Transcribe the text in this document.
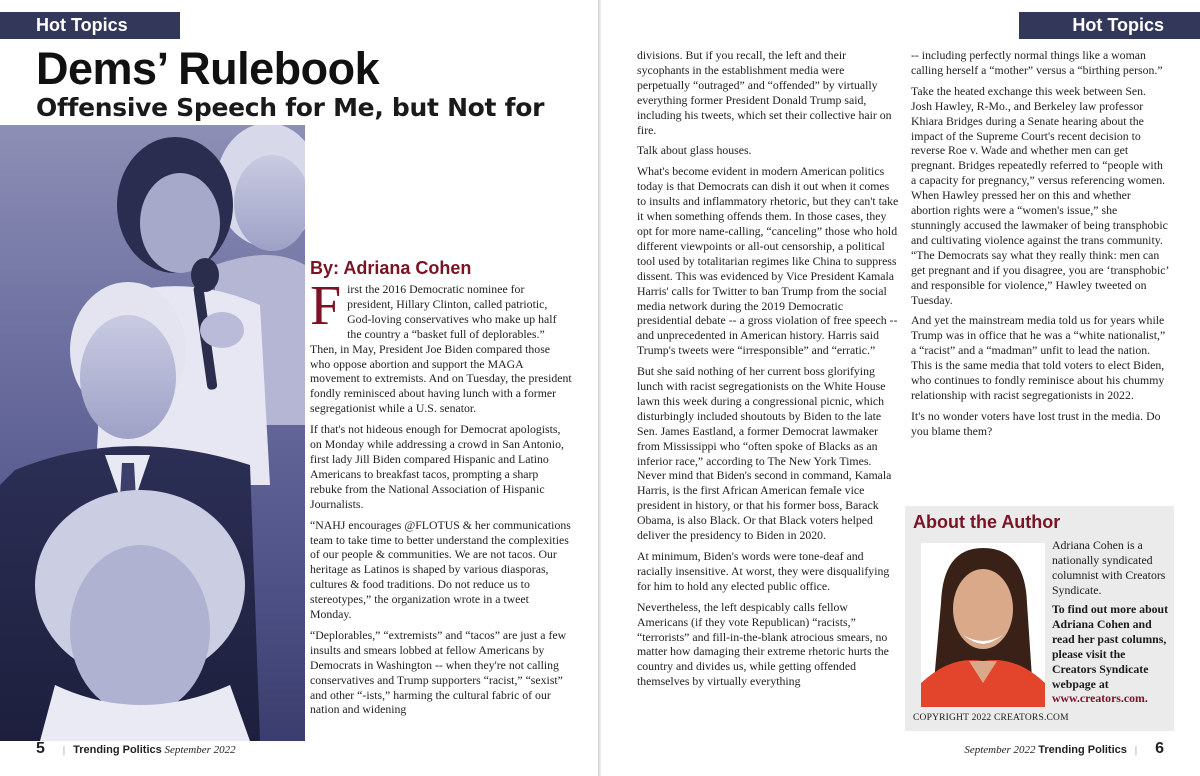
Hot Topics
Dems’ Rulebook
Offensive Speech for Me, but Not for
By: Adriana Cohen

First the 2016 Democratic nominee for president, Hillary Clinton, called patriotic, God-loving conservatives who make up half the country a “basket full of deplorables.” Then, in May, President Joe Biden compared those who oppose abortion and support the MAGA movement to extremists. And on Tuesday, the president fondly reminisced about having lunch with a former segregationist while a U.S. senator.

If that's not hideous enough for Democrat apologists, on Monday while addressing a crowd in San Antonio, first lady Jill Biden compared Hispanic and Latino Americans to breakfast tacos, prompting a sharp rebuke from the National Association of Hispanic Journalists.

“NAHJ encourages @FLOTUS & her communications team to take time to better understand the complexities of our people & communities. We are not tacos. Our heritage as Latinos is shaped by various diasporas, cultures & food traditions. Do not reduce us to stereotypes,” the organization wrote in a tweet Monday.

“Deplorables,” “extremists” and “tacos” are just a few insults and smears lobbed at fellow Americans by Democrats in Washington -- when they're not calling conservatives and Trump supporters “racist,” “sexist” and other “-ists,” harming the cultural fabric of our nation and widening

5 | Trending Politics September 2022
Hot Topics

divisions. But if you recall, the left and their sycophants in the establishment media were perpetually “outraged” and “offended” by virtually everything former President Donald Trump said, including his tweets, which set their collective hair on fire.

Talk about glass houses.

What's become evident in modern American politics today is that Democrats can dish it out when it comes to insults and inflammatory rhetoric, but they can't take it when something offends them. In those cases, they opt for more name-calling, “canceling” those who hold different viewpoints or all-out censorship, a political tool used by totalitarian regimes like China to suppress dissent. This was evidenced by Vice President Kamala Harris' calls for Twitter to ban Trump from the social media network during the 2019 Democratic presidential debate -- a gross violation of free speech -- and unprecedented in American history. Harris said Trump's tweets were “irresponsible” and “erratic.”

But she said nothing of her current boss glorifying lunch with racist segregationists on the White House lawn this week during a congressional picnic, which disturbingly included shoutouts by Biden to the late Sen. James Eastland, a former Democrat lawmaker from Mississippi who “often spoke of Blacks as an inferior race,” according to The New York Times. Never mind that Biden's second in command, Kamala Harris, is the first African American female vice president in history, or that his former boss, Barack Obama, is also Black. Or that Black voters helped deliver the presidency to Biden in 2020.

At minimum, Biden's words were tone-deaf and racially insensitive. At worst, they were disqualifying for him to hold any elected public office.

Nevertheless, the left despicably calls fellow Americans (if they vote Republican) “racists,” “terrorists” and fill-in-the-blank atrocious smears, no matter how damaging their extreme rhetoric hurts the country and divides us, while getting offended themselves by virtually everything

-- including perfectly normal things like a woman calling herself a “mother” versus a “birthing person.”

Take the heated exchange this week between Sen. Josh Hawley, R-Mo., and Berkeley law professor Khiara Bridges during a Senate hearing about the impact of the Supreme Court's recent decision to reverse Roe v. Wade and whether men can get pregnant. Bridges repeatedly referred to “people with a capacity for pregnancy,” versus referencing women. When Hawley pressed her on this and whether abortion rights were a “women's issue,” she stunningly accused the lawmaker of being transphobic and cultivating violence against the trans community. “The Democrats say what they really think: men can get pregnant and if you disagree, you are ‘transphobic’ and responsible for violence,” Hawley tweeted on Tuesday.

And yet the mainstream media told us for years while Trump was in office that he was a “white nationalist,” a “racist” and a “madman” unfit to lead the nation. This is the same media that told voters to elect Biden, who continues to fondly reminisce about his chummy relationship with racist segregationists in 2022.

It's no wonder voters have lost trust in the media. Do you blame them?

About the Author

Adriana Cohen is a nationally syndicated columnist with Creators Syndicate.

To find out more about Adriana Cohen and read her past columns, please visit the Creators Syndicate webpage at www.creators.com.

COPYRIGHT 2022 CREATORS.COM
September 2022 Trending Politics | 6
